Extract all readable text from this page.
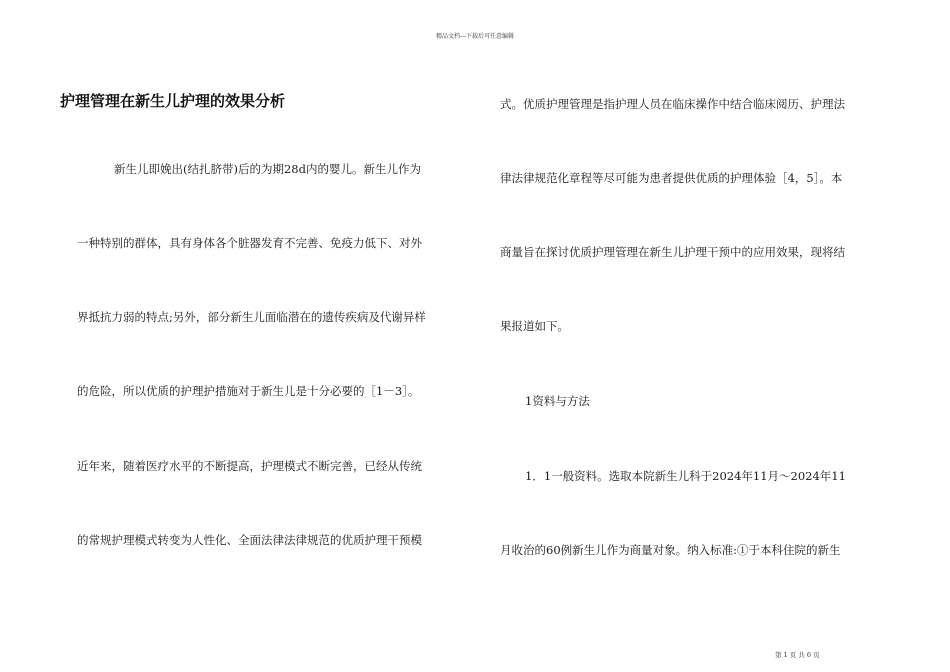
精品文档---下载后可任意编辑
护理管理在新生儿护理的效果分析
新生儿即娩出(结扎脐带)后的为期28d内的婴儿。新生儿作为
一种特别的群体，具有身体各个脏器发育不完善、免疫力低下、对外
界抵抗力弱的特点;另外，部分新生儿面临潜在的遗传疾病及代谢异样
的危险，所以优质的护理护措施对于新生儿是十分必要的［1－3］。
近年来，随着医疗水平的不断提高，护理模式不断完善，已经从传统
的常规护理模式转变为人性化、全面法律法律规范的优质护理干预模
式。优质护理管理是指护理人员在临床操作中结合临床阅历、护理法
律法律规范化章程等尽可能为患者提供优质的护理体验［4，5］。本
商量旨在探讨优质护理管理在新生儿护理干预中的应用效果，现将结
果报道如下。
1资料与方法
1．1一般资料。选取本院新生儿科于2024年11月～2024年11
月收治的60例新生儿作为商量对象。纳入标准:①于本科住院的新生
第 1 页 共 6 页
